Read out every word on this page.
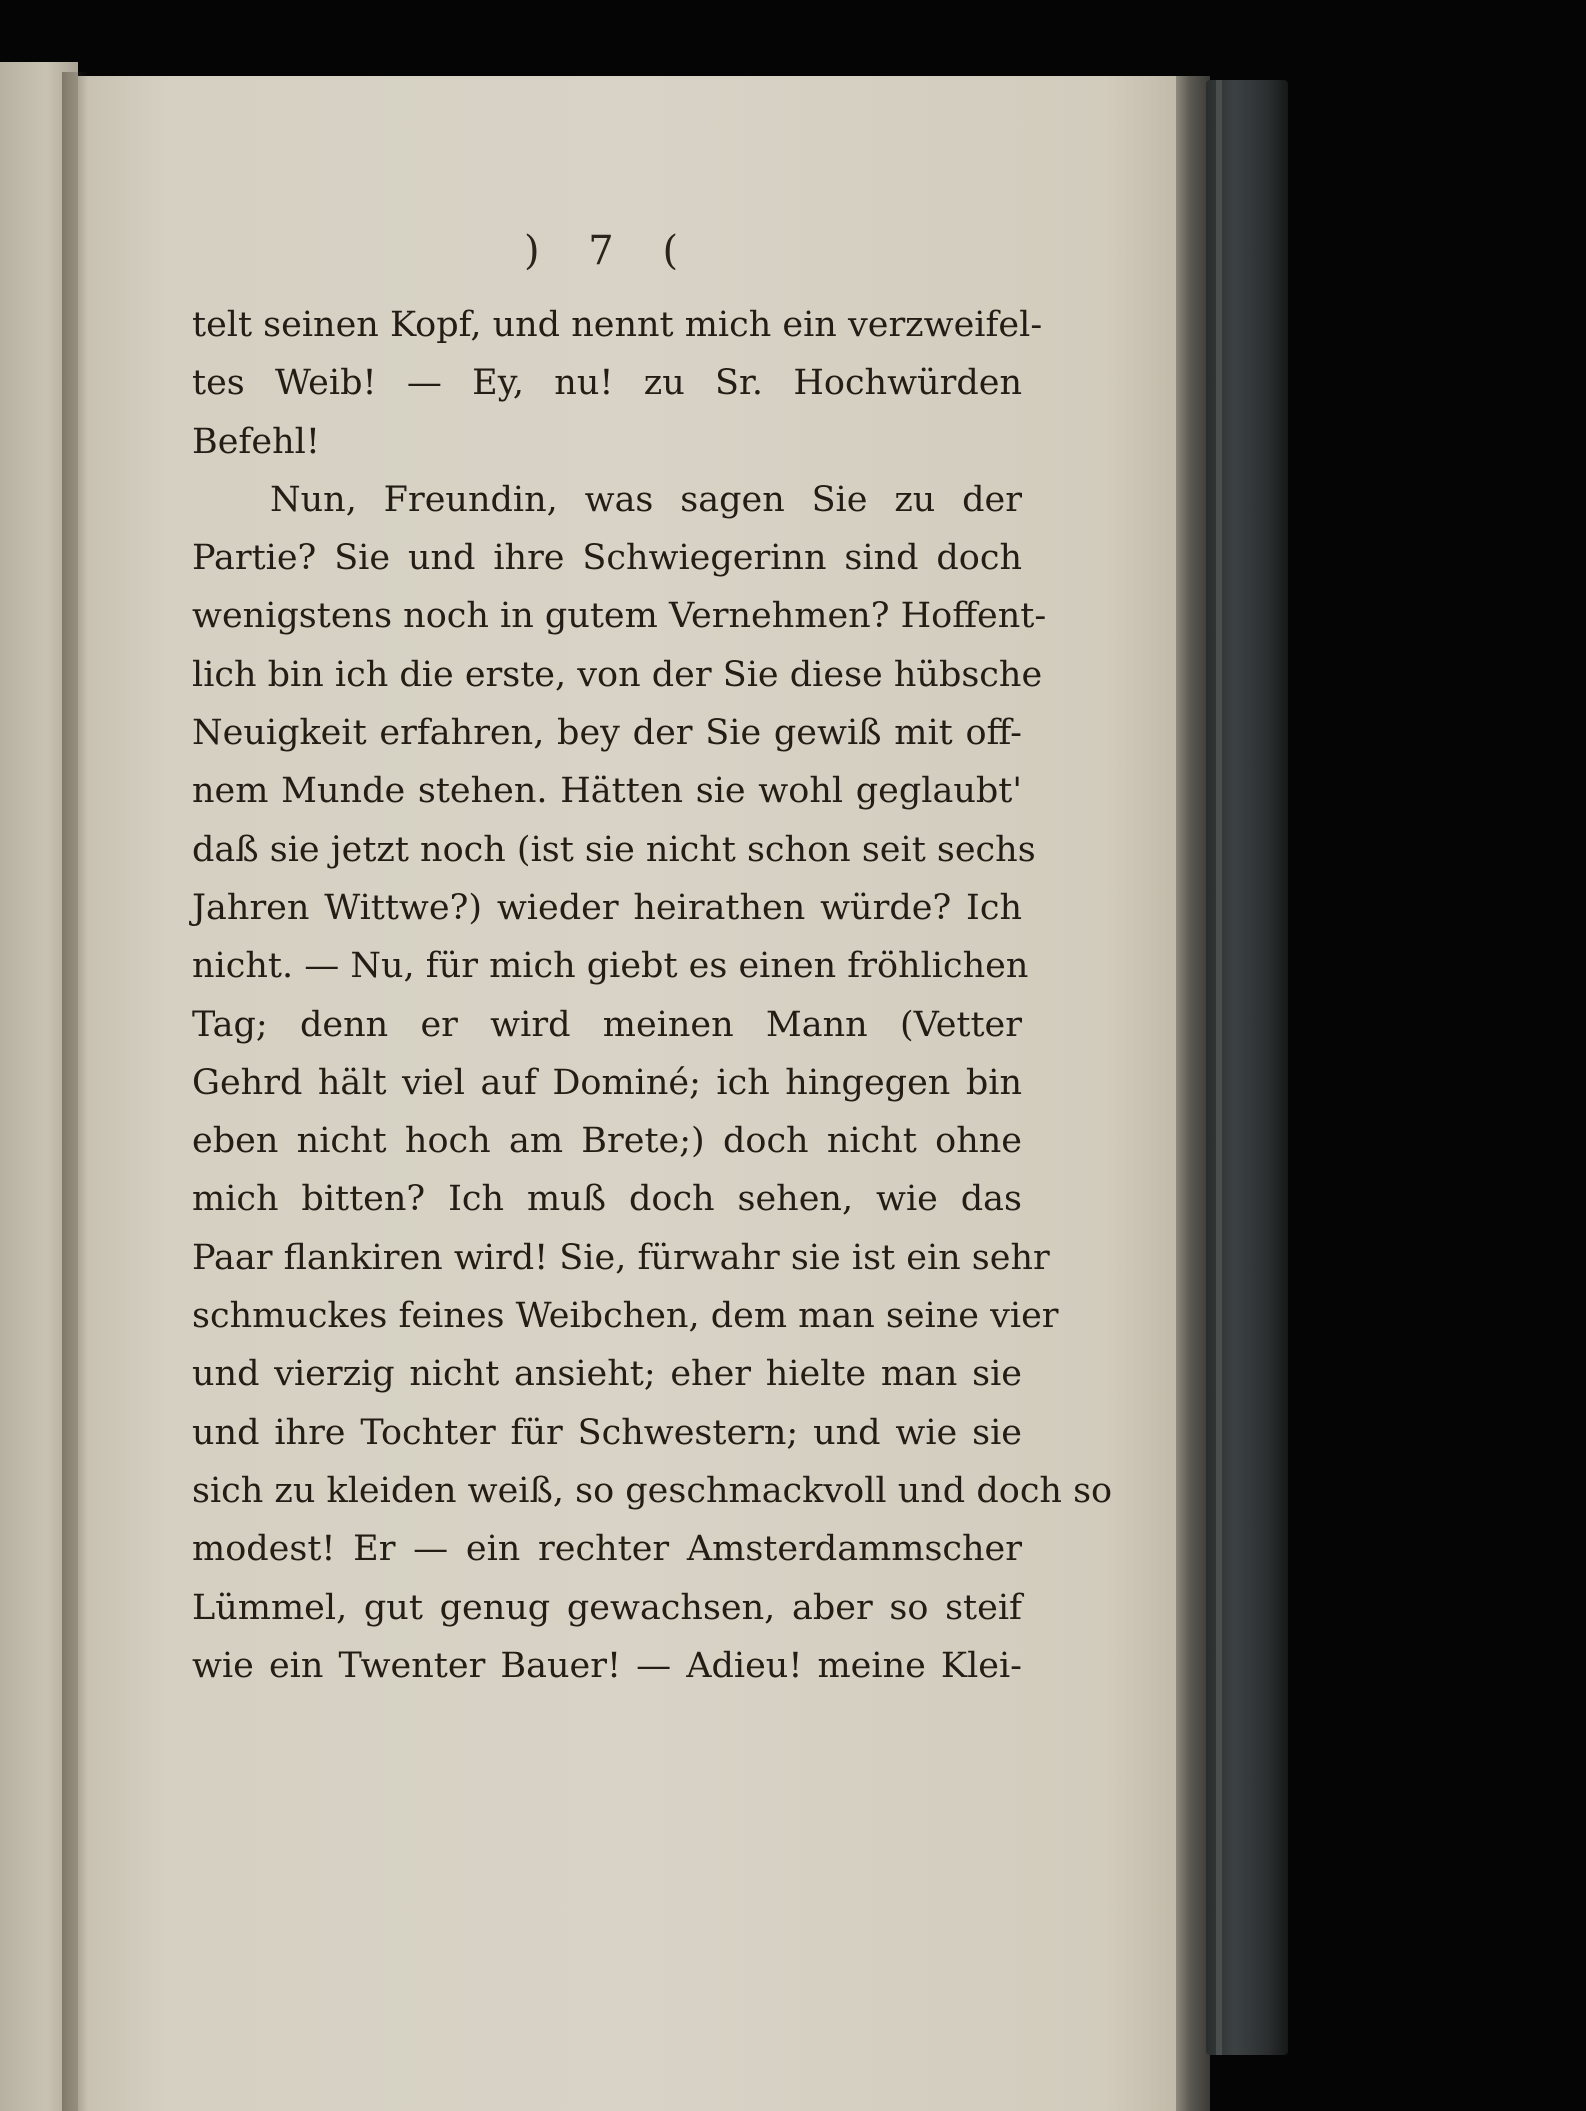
) 7 (
telt seinen Kopf, und nennt mich ein verzweifel-
tes Weib! — Ey, nu! zu Sr. Hochwürden
Befehl!
Nun, Freundin, was sagen Sie zu der
Partie? Sie und ihre Schwiegerinn sind doch
wenigstens noch in gutem Vernehmen? Hoffent-
lich bin ich die erste, von der Sie diese hübsche
Neuigkeit erfahren, bey der Sie gewiß mit off-
nem Munde stehen. Hätten sie wohl geglaubt'
daß sie jetzt noch (ist sie nicht schon seit sechs
Jahren Wittwe?) wieder heirathen würde? Ich
nicht. — Nu, für mich giebt es einen fröhlichen
Tag; denn er wird meinen Mann (Vetter
Gehrd hält viel auf Dominé; ich hingegen bin
eben nicht hoch am Brete;) doch nicht ohne
mich bitten? Ich muß doch sehen, wie das
Paar flankiren wird! Sie, fürwahr sie ist ein sehr
schmuckes feines Weibchen, dem man seine vier
und vierzig nicht ansieht; eher hielte man sie
und ihre Tochter für Schwestern; und wie sie
sich zu kleiden weiß, so geschmackvoll und doch so
modest! Er — ein rechter Amsterdammscher
Lümmel, gut genug gewachsen, aber so steif
wie ein Twenter Bauer! — Adieu! meine Klei-
